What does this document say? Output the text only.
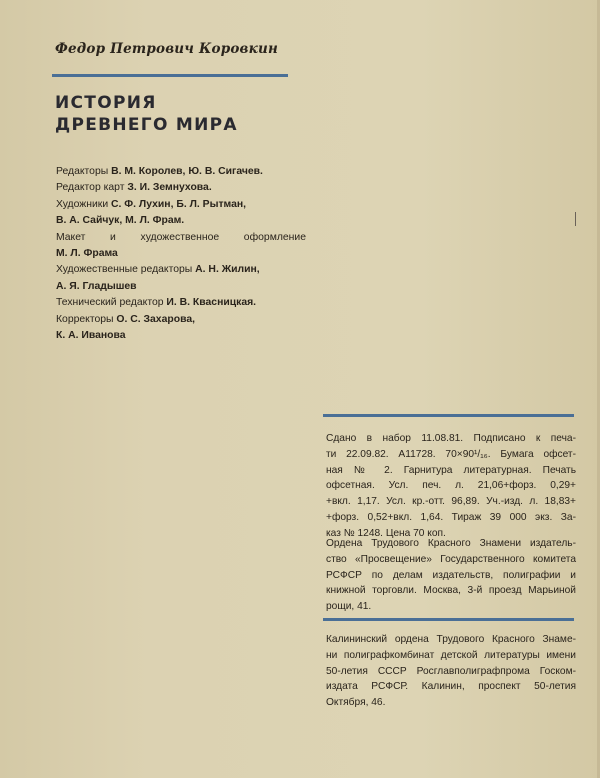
Федор Петрович Коровкин
ИСТОРИЯ
ДРЕВНЕГО МИРА
Редакторы В. М. Королев, Ю. В. Сигачев.
Редактор карт З. И. Земнухова.
Художники С. Ф. Лухин, Б. Л. Рытман,
В. А. Сайчук, М. Л. Фрам.
Макет и художественное оформление
М. Л. Фрама
Художественные редакторы А. Н. Жилин,
А. Я. Гладышев
Технический редактор И. В. Квасницкая.
Корректоры О. С. Захарова,
К. А. Иванова
Сдано в набор 11.08.81. Подписано к печа-
ти 22.09.82. А11728. 70×90¹/₁₆. Бумага офсет-
ная № 2. Гарнитура литературная. Печать
офсетная. Усл. печ. л. 21,06+форз. 0,29+
+вкл. 1,17. Усл. кр.-отт. 96,89. Уч.-изд. л. 18,83+
+форз. 0,52+вкл. 1,64. Тираж 39 000 экз. За-
каз № 1248. Цена 70 коп.
Ордена Трудового Красного Знамени издатель-
ство «Просвещение» Государственного комитета
РСФСР по делам издательств, полиграфии и
книжной торговли. Москва, 3-й проезд Марьиной
рощи, 41.
Калининский ордена Трудового Красного Знаме-
ни полиграфкомбинат детской литературы имени
50-летия СССР Росглавполиграфпрома Госком-
издата РСФСР. Калинин, проспект 50-летия
Октября, 46.
